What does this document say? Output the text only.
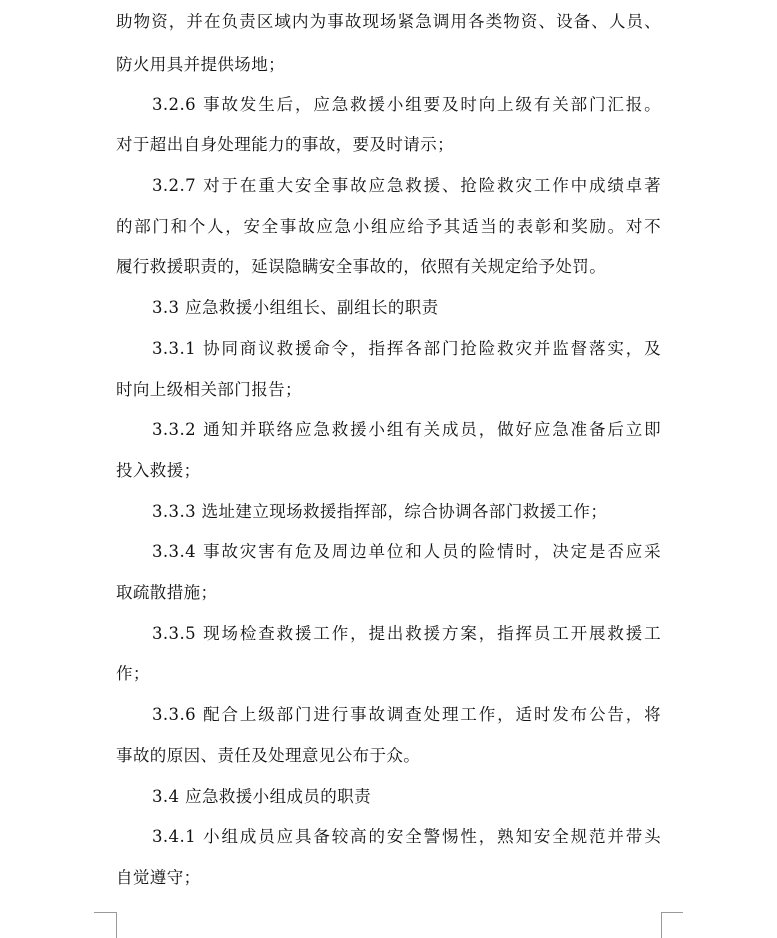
助物资，并在负责区域内为事故现场紧急调用各类物资、设备、人员、
防火用具并提供场地；
3.2.6 事故发生后，应急救援小组要及时向上级有关部门汇报。
对于超出自身处理能力的事故，要及时请示；
3.2.7 对于在重大安全事故应急救援、抢险救灾工作中成绩卓著
的部门和个人，安全事故应急小组应给予其适当的表彰和奖励。对不
履行救援职责的，延误隐瞒安全事故的，依照有关规定给予处罚。
3.3 应急救援小组组长、副组长的职责
3.3.1 协同商议救援命令，指挥各部门抢险救灾并监督落实，及
时向上级相关部门报告；
3.3.2 通知并联络应急救援小组有关成员，做好应急准备后立即
投入救援；
3.3.3 选址建立现场救援指挥部，综合协调各部门救援工作；
3.3.4 事故灾害有危及周边单位和人员的险情时，决定是否应采
取疏散措施；
3.3.5 现场检查救援工作，提出救援方案，指挥员工开展救援工
作；
3.3.6 配合上级部门进行事故调查处理工作，适时发布公告，将
事故的原因、责任及处理意见公布于众。
3.4 应急救援小组成员的职责
3.4.1 小组成员应具备较高的安全警惕性，熟知安全规范并带头
自觉遵守；
